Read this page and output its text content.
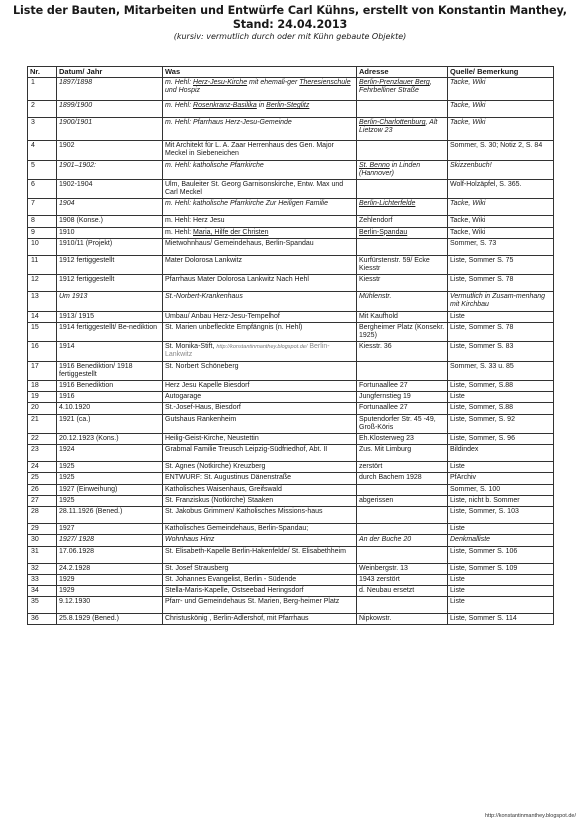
Liste der Bauten, Mitarbeiten und Entwürfe Carl Kühns, erstellt von Konstantin Manthey,

Stand: 24.04.2013

(kursiv: vermutlich durch oder mit Kühn gebaute Objekte)

Nr.	Datum/ Jahr	Was	Adresse	Quelle/ Bemerkung
1	1897/1898	m. Hehl: Herz-Jesu-Kirche mit ehemali-ger Theresienschule und Hospiz	Berlin-Prenzlauer Berg, Fehrbelliner Straße	Tacke, Wiki
2	1899/1900	m. Hehl: Rosenkranz-Basilika in Berlin-Steglitz		Tacke, Wiki
3	1900/1901	m. Hehl: Pfarrhaus Herz-Jesu-Gemeinde	Berlin-Charlottenburg, Alt Lietzow 23	Tacke, Wiki
4	1902	Mit Architekt für L. A. Zaar Herrenhaus des Gen. Major Meckel in Siebeneichen		Sommer, S. 30; Notiz 2, S. 84
5	1901–1902:	m. Hehl: katholische Pfarrkirche	St. Benno in Linden (Hannover)	Skizzenbuch!
6	1902-1904	Ulm, Bauleiter St. Georg Garnisonskirche, Entw. Max und Carl Meckel		Wolf-Holzäpfel, S. 365.
7	1904	m. Hehl: katholische Pfarrkirche Zur Heiligen Familie	Berlin-Lichterfelde	Tacke, Wiki
8	1908 (Konse.)	m. Hehl: Herz Jesu	Zehlendorf	Tacke, Wiki
9	1910	m. Hehl: Maria, Hilfe der Christen	Berlin-Spandau	Tacke, Wiki
10	1910/11 (Projekt)	Mietwohnhaus/ Gemeindehaus, Berlin-Spandau		Sommer, S. 73
11	1912 fertiggestellt	Mater Dolorosa Lankwitz	Kurfürstenstr. 59/ Ecke Kiesstr	Liste, Sommer S. 75
12	1912 fertiggestellt	Pfarrhaus Mater Dolorosa Lankwitz Nach Hehl	Kiesstr	Liste, Sommer S. 78
13	Um 1913	St.-Norbert-Krankenhaus	Mühlenstr.	Vermutlich in Zusam-menhang mit Kirchbau
14	1913/ 1915	Umbau/ Anbau Herz-Jesu-Tempelhof	Mit Kaufhold	Liste
15	1914 fertiggestellt/ Be-nediktion	St. Marien unbefleckte Empfängnis (n. Hehl)	Bergheimer Platz (Konsekr. 1925)	Liste, Sommer S. 78
16	1914	St. Monika-Stift, http://konstantinmanthey.blogspot.de/ Berlin-Lankwitz	Kiesstr. 36	Liste, Sommer S. 83
17	1916 Benediktion/ 1918 fertiggestellt	St. Norbert Schöneberg		Sommer, S. 33 u. 85
18	1916 Benediktion	Herz Jesu Kapelle Biesdorf	Fortunaallee 27	Liste, Sommer, S.88
19	1916	Autogarage	Jungfernstieg 19	Liste
20	4.10.1920	St.-Josef-Haus, Biesdorf	Fortunaallee 27	Liste, Sommer, S.88
21	1921 (ca.)	Gutshaus Rankenheim	Sputendorfer Str. 45 -49, Groß-Köris	Liste, Sommer, S. 92
22	20.12.1923 (Kons.)	Heilig-Geist-Kirche, Neustettin	Eh.Klosterweg 23	Liste, Sommer, S. 96
23	1924	Grabmal Familie Treusch Leipzig-Südfriedhof, Abt. II	Zus. Mit Limburg	Bildindex
24	1925	St. Agnes (Notkirche) Kreuzberg	zerstört	Liste
25	1925	ENTWURF: St. Augustinus Dänenstraße	durch Bachem 1928	PfArchiv
26	1927 (Einweihung)	Katholisches Waisenhaus, Greifswald		Sommer, S. 100
27	1925	St. Franziskus (Notkirche) Staaken	abgerissen	Liste, nicht b. Sommer
28	28.11.1926 (Bened.)	St. Jakobus Grimmen/ Katholisches Missions-haus		Liste, Sommer, S. 103
29	1927	Katholisches Gemeindehaus, Berlin-Spandau;		Liste
30	1927/ 1928	Wohnhaus Hinz	An der Buche 20	Denkmalliste
31	17.06.1928	St. Elisabeth-Kapelle Berlin-Hakenfelde/ St. Elisabethheim		Liste, Sommer S. 106
32	24.2.1928	St. Josef Strausberg	Weinbergstr. 13	Liste, Sommer S. 109
33	1929	St. Johannes Evangelist, Berlin - Südende	1943 zerstört	Liste
34	1929	Stella-Maris-Kapelle, Ostseebad Heringsdorf	d. Neubau ersetzt	Liste
35	9.12.1930	Pfarr- und Gemeindehaus St. Marien, Berg-heimer Platz		Liste
36	25.8.1929 (Bened.)	Christuskönig , Berlin-Adlershof, mit Pfarrhaus	Nipkowstr.	Liste, Sommer S. 114
http://konstantinmanthey.blogspot.de/
